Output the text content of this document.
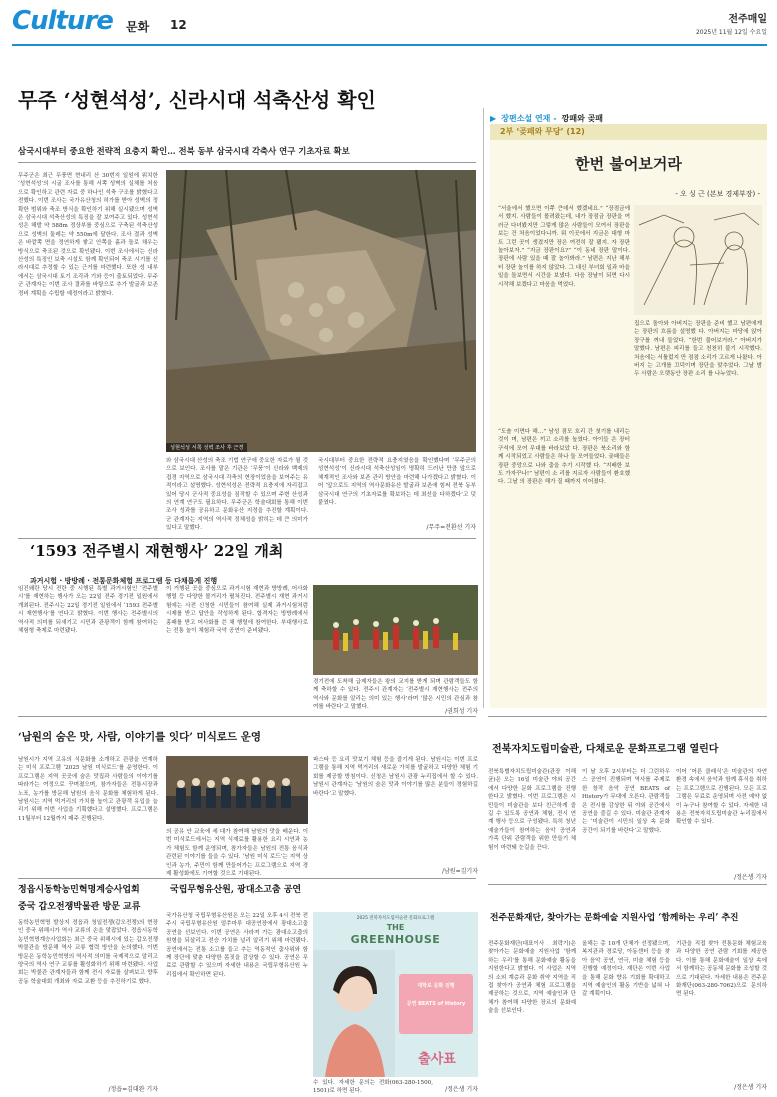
Culture 문화 12	전주매일
2025년 11월 12일 수요일
무주 ‘성현석성’, 신라시대 석축산성 확인
삼국시대부터 중요한 전략적 요충지 확인… 전북 동부 삼국시대 각축사 연구 기초자료 확보
무주군은 최근 무풍면 현내리 산 30번지 일원에 위치한 ‘성현석성’의 시굴 조사를 통해 서쪽 성벽의 실체를 처음으로 확인하고 관련 자료 중 하나인 석축 구조를 밝혔다고 전했다. 이번 조사는 국가유산청의 허가를 받아 성벽의 정확한 범위와 축조 방식을 확인하기 위해 실시됐으며 성벽은 삼국시대 석축산성의 특징을 잘 보여주고 있다. 성현석성은 해발 약 588m 정상부를 중심으로 구축된 석축산성으로 성벽의 둘레는 약 550m에 달한다. 조사 결과 성벽은 바깥쪽 면을 정연하게 쌓고 안쪽을 흙과 돌로 채우는 방식으로 축조된 것으로 확인됐다. 이번 조사에서는 신라 산성의 특징인 보축 시설도 함께 확인되어 축조 시기를 신라시대로 추정할 수 있는 근거를 마련했다. 또한 성 내부에서는 삼국시대 토기 조각과 기와 등이 출토되었다. 무주군 관계자는 이번 조사 결과를 바탕으로 추가 발굴과 보존 정비 계획을 수립할 예정이라고 밝혔다.
성현석성 서쪽 성벽 조사 후 근경
와 삼국시대 산성의 축조 기법 연구에 중요한 자료가 될 것으로 보인다. 조사를 맡은 기관은 ‘무풍’이 신라와 백제의 접경 지역으로 삼국시대 각축의 현장이었음을 보여주는 유적이라고 설명했다. 성현석성은 전략적 요충지에 자리잡고 있어 당시 군사적 중요성을 짐작할 수 있으며 주변 산성과의 연계 연구도 필요하다. 무주군은 학술대회를 통해 이번 조사 성과를 공유하고 문화유산 지정을 추진할 계획이다. 군 관계자는 지역의 역사적 정체성을 밝히는 데 큰 의미가 있다고 말했다.
국시대부터 중요한 전략적 요충지였음을 확인했다며 ‘무주군의 성현석성’이 신라시대 석축산성임이 명확히 드러난 만큼 앞으로 체계적인 조사와 보존 관리 방안을 마련해 나가겠다고 밝혔다. 이어 ‘앞으로도 지역의 역사문화유산 발굴과 보존에 힘써 전북 동부 삼국시대 연구의 기초자료를 확보하는 데 최선을 다하겠다’고 덧붙였다.
/무주=전환선 기자
▶ 장편소설 연재 - 깡패와 곶패
2부 ‘곶패와 무당’ (12)
한번 불어보거라
- 오 싱 근 (본보 경제부장) -
“서울에서 했으면 이쭈 큰데서 했겠네요.” “장점금에서 했지. 사람들이 몰려왔는데, 내가 장점금 장판을 여러군 다녀봤지만 그렇게 많은 사람들이 모여서 장판을 보는 건 처음이었다니까. 뭐 이곳에서 지금은 대형 마트 그런 곳이 생겼지만 장은 여전히 잘 됐지. 자 장판 놀아보자.” “지금 장판이요?” “이 동네 장판 말이다. 장판에 사람 있을 때 잘 놀아봐라.” 남편은 지난 해부터 장판 놀이를 하지 않았다. 그 대신 부녀회 일과 마을 일을 돌보면서 시간을 보냈다. 다음 장날이 되면 다시 시작해 보겠다고 마음을 먹었다.
“도솔 이면다 해…” 남성 점모 호리 간 첫기를 내리는 것이 며, 남편은 끼고 소리를 높였다. 아이들 은 장터 구석에 모여 무대를 바라보았 다. 장판은 북소리와 함께 시작되었고 사람들은 하나 둘 모여들었다. 곶패들은 장판 중앙으로 나와 춤을 추기 시작했 다. “지배한 보도 가자꾸나!” 남편이 소 리를 지르자 사람들이 환호했다. 그날 의 장판은 해가 질 때까지 이어졌다.
집으로 돌아와 아버지는 장판을 준비 했고 남편에게는 장판의 흐름을 설명했 다. 아버지는 마당에 앉아 장구를 꺼내 들었다. “한번 불어보거라.” 아버지가 말했다. 남편은 피리를 들고 천천히 불기 시작했다. 처음에는 서툴렀지 만 점점 소리가 고르게 나왔다. 아버지 는 고개를 끄덕이며 장단을 맞추었다. 그날 밤 두 사람은 오랫동안 장판 소리 를 나누었다.
‘1593 전주별시 재현행사’ 22일 개최
과거시험 · 방방례 · 전통문화체험 프로그램 등 다채롭게 진행
임진왜란 당시 전란 중 시행된 특별 과거시험인 ‘전주별시’를 재현하는 행사가 오는 22일 전주 경기전 일원에서 개최된다. 전주시는 22일 경기전 일원에서 ‘1593 전주별시 재현행사’를 연다고 밝혔다. 이번 행사는 전주별시의 역사적 의미를 되새기고 시민과 관광객이 함께 참여하는 체험형 축제로 마련됐다.
이 거행된 곳을 중심으로 과거시험 재현과 방방례, 어사화 행렬 등 다양한 볼거리가 펼쳐진다. 전주별시 재현 과거시험에는 사전 신청한 시민들이 참여해 실제 과거시험처럼 시제를 받고 답안을 작성하게 된다. 합격자는 방방례에서 홍패를 받고 어사화를 쓴 채 행렬에 참여한다. 부대행사로는 전통 놀이 체험과 국악 공연이 준비됐다.
경기전에 도착해 급제자들은 왕의 교지를 받게 되며 관람객들도 함께 축하할 수 있다. 전주시 관계자는 ‘전주별시 재현행사는 전주의 역사와 문화를 알리는 의미 있는 행사’라며 ‘많은 시민의 관심과 참여를 바란다’고 말했다.
/권희성 기자
‘남원의 숨은 맛, 사람, 이야기를 잇다’ 미식로드 운영
남원시가 지역 고유의 식문화를 소개하고 관광을 연계하는 미식 프로그램 ‘2025 남원 미식로드’를 운영한다. 이 프로그램은 지역 곳곳에 숨은 맛집과 사람들의 이야기를 따라가는 여정으로 꾸며졌으며, 참가자들은 전통시장과 노포, 농가를 방문해 남원의 음식 문화를 체험하게 된다. 남원시는 지역 먹거리의 가치를 높이고 관광객 유입을 늘리기 위해 이번 사업을 기획했다고 설명했다. 프로그램은 11월부터 12월까지 매주 진행된다.
의 공유 안 교육에 세 대가 참여해 남원의 맛을 배운다. 이번 미식로드에서는 지역 식재료를 활용한 요리 시연과 농가 체험도 함께 운영되며, 참가자들은 남원의 전통 음식과 관련된 이야기를 들을 수 있다. ‘남원 미식 로드’는 지역 상인과 농가, 주민이 함께 만들어가는 프로그램으로 지역 경제 활성화에도 기여할 것으로 기대된다.
파스타 등 요리 맛보기 체험 등을 즐기게 된다. 남원시는 이번 프로그램을 통해 지역 먹거리의 새로운 가치를 발굴하고 다양한 체험 기회를 제공할 방침이다. 신청은 남원시 관광 누리집에서 할 수 있다. 남원시 관계자는 ‘남원의 숨은 맛과 이야기를 많은 분들이 경험하길 바란다’고 말했다.
/남원=김기자
정읍시동학농민혁명계승사업회
중국 갑오전쟁박물관 방문 교류
동학농민혁명 발상지 정읍과 청일전쟁(갑오전쟁)의 현장인 중국 위해시가 역사 교류의 손을 맞잡았다. 정읍시동학농민혁명계승사업회는 최근 중국 위해시에 있는 갑오전쟁박물관을 방문해 역사 교류 협력 방안을 논의했다. 이번 방문은 동학농민혁명의 역사적 의미를 국제적으로 알리고 양국의 역사 연구 교류를 활성화하기 위해 마련됐다. 사업회는 박물관 관계자들과 함께 전시 자료를 살펴보고 향후 공동 학술대회 개최와 자료 교환 등을 추진하기로 했다.
/정읍=김대완 기자
국립무형유산원, 광대소고춤 공연
국가유산청 국립무형유산원은 오는 22일 오후 4시 전북 전주시 국립무형유산원 얼쑤마루 대공연장에서 광대소고춤 공연을 선보인다. 이번 공연은 사라져 가는 광대소고춤의 원형을 되살리고 전승 가치를 널리 알리기 위해 마련됐다. 공연에서는 전통 소고를 들고 추는 역동적인 춤사위와 함께 장단에 맞춘 다양한 몸짓을 감상할 수 있다. 공연은 무료로 관람할 수 있으며 자세한 내용은 국립무형유산원 누리집에서 확인하면 된다.
2025 전북자치도립미술관 문화프로그램
THE
GREENHOUSE
대학로 문화 진행
공연 BEATS of History
출사표
수 있다. 자세한 문의는 전화(063-280-1500, 1501)로 하면 된다.	/정은생 기자
전북자치도립미술관, 다채로운 문화프로그램 열린다
전북특별자치도립미술관(관장 이해균)은 오는 16일 미술관 야외 공간에서 다양한 문화 프로그램을 진행한다고 밝혔다. 이번 프로그램은 시민들이 미술관을 보다 친근하게 즐길 수 있도록 공연과 체험, 전시 연계 행사 등으로 구성됐다. 특히 청년 예술가들이 참여하는 음악 공연과 가족 단위 관람객을 위한 만들기 체험이 마련돼 눈길을 끈다.
이 날 오후 2시부터는 더 그린하우스 공연이 진행되며 역사를 주제로 한 창작 음악 공연 BEATS of History가 무대에 오른다. 관람객들은 전시를 감상한 뒤 야외 공간에서 공연을 즐길 수 있다. 미술관 관계자는 ‘미술관이 시민의 일상 속 문화 공간이 되기를 바란다’고 말했다.
이어 ‘어른 클래식’은 미술관의 자연환경 속에서 음악과 함께 휴식을 취하는 프로그램으로 진행된다. 모든 프로그램은 무료로 운영되며 사전 예약 없이 누구나 참여할 수 있다. 자세한 내용은 전북자치도립미술관 누리집에서 확인할 수 있다.
/정은생 기자
전주문화재단, 찾아가는 문화예술 지원사업 ‘함께하는 우리’ 추진
전주문화재단(대표이사 최락기)은 찾아가는 문화예술 지원사업 ‘함께하는 우리’를 통해 문화예술 활동을 지원한다고 밝혔다. 이 사업은 지역의 소외 계층과 문화 취약 지역을 직접 찾아가 공연과 체험 프로그램을 제공하는 것으로, 지역 예술인과 단체가 참여해 다양한 장르의 문화예술을 선보인다.
올해는 총 10개 단체가 선정됐으며, 복지관과 경로당, 아동센터 등을 찾아 음악 공연, 연극, 미술 체험 등을 진행할 예정이다. 재단은 이번 사업을 통해 문화 향유 기회를 확대하고 지역 예술인의 활동 기반을 넓혀 나갈 계획이다.
기관을 직접 찾아 전통문화 체험교육과 다양한 공연 관람 기회를 제공한다. 이를 통해 문화예술이 일상 속에서 함께하는 공동체 문화를 조성할 것으로 기대된다. 자세한 내용은 전주문화재단(063-280-7062)으로 문의하면 된다.
/정은생 기자
